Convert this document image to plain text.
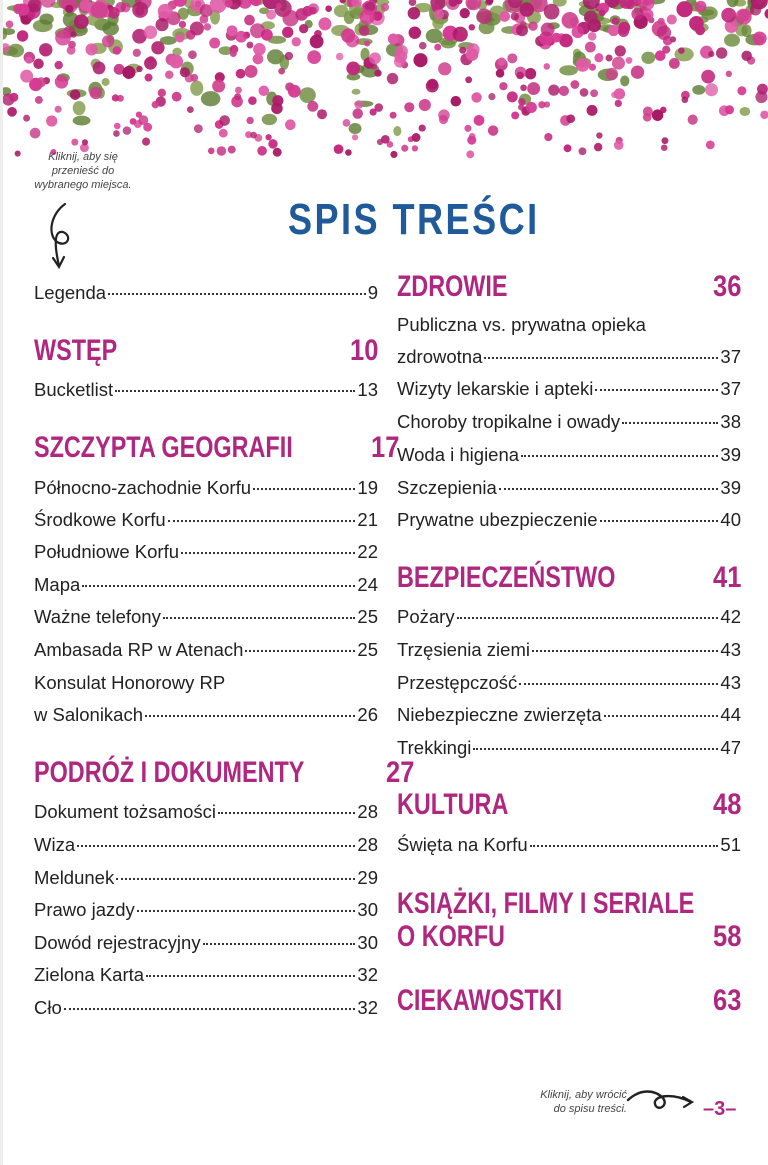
Kliknij, aby się
przenieść do
wybranego miejsca.
SPIS TREŚCI
Legenda	9
WSTĘP	10
Bucketlist	13
SZCZYPTA GEOGRAFII	17
Północno-zachodnie Korfu	19
Środkowe Korfu	21
Południowe Korfu	22
Mapa	24
Ważne telefony	25
Ambasada RP w Atenach	25
Konsulat Honorowy RP
w Salonikach	26
PODRÓŻ I DOKUMENTY	27
Dokument tożsamości	28
Wiza	28
Meldunek	29
Prawo jazdy	30
Dowód rejestracyjny	30
Zielona Karta	32
Cło	32
ZDROWIE	36
Publiczna vs. prywatna opieka
zdrowotna	37
Wizyty lekarskie i apteki	37
Choroby tropikalne i owady	38
Woda i higiena	39
Szczepienia	39
Prywatne ubezpieczenie	40
BEZPIECZEŃSTWO	41
Pożary	42
Trzęsienia ziemi	43
Przestępczość	43
Niebezpieczne zwierzęta	44
Trekkingi	47
KULTURA	48
Święta na Korfu	51
KSIĄŻKI, FILMY I SERIALE
O KORFU	58
CIEKAWOSTKI	63
Kliknij, aby wrócić
do spisu treści.	–3–
